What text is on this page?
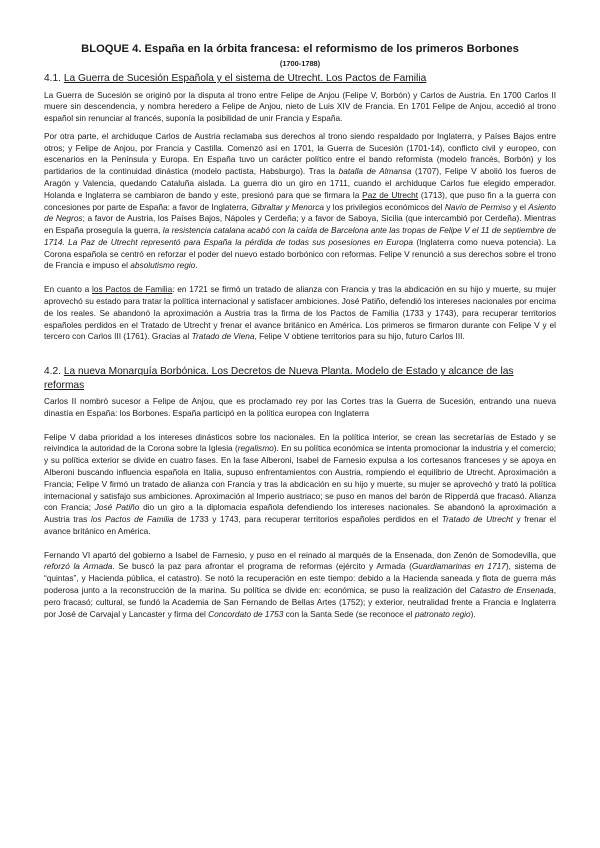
BLOQUE 4. España en la órbita francesa: el reformismo de los primeros Borbones
(1700-1788)
4.1. La Guerra de Sucesión Española y el sistema de Utrecht. Los Pactos de Familia

La Guerra de Sucesión se originó por la disputa al trono entre Felipe de Anjou (Felipe V, Borbón) y Carlos de Austria. En 1700 Carlos II muere sin descendencia, y nombra heredero a Felipe de Anjou, nieto de Luis XIV de Francia. En 1701 Felipe de Anjou, accedió al trono español sin renunciar al francés, suponía la posibilidad de unir Francia y España.

Por otra parte, el archiduque Carlos de Austria reclamaba sus derechos al trono siendo respaldado por Inglaterra, y Países Bajos entre otros; y Felipe de Anjou, por Francia y Castilla. Comenzó así en 1701, la Guerra de Sucesión (1701-14), conflicto civil y europeo, con escenarios en la Península y Europa. En España tuvo un carácter político entre el bando reformista (modelo francés, Borbón) y los partidarios de la continuidad dinástica (modelo pactista, Habsburgo). Tras la batalla de Almansa (1707), Felipe V abolió los fueros de Aragón y Valencia, quedando Cataluña aislada. La guerra dio un giro en 1711, cuando el archiduque Carlos fue elegido emperador. Holanda e Inglaterra se cambiaron de bando y este, presionó para que se firmara la Paz de Utrecht (1713), que puso fin a la guerra con concesiones por parte de España: a favor de Inglaterra, Gibraltar y Menorca y los privilegios económicos del Navío de Permiso y el Asiento de Negros; a favor de Austria, los Países Bajos, Nápoles y Cerdeña; y a favor de Saboya, Sicilia (que intercambió por Cerdeña). Mientras en España proseguía la guerra, la resistencia catalana acabó con la caída de Barcelona ante las tropas de Felipe V el 11 de septiembre de 1714. La Paz de Utrecht representó para España la pérdida de todas sus posesiones en Europa (Inglaterra como nueva potencia). La Corona española se centró en reforzar el poder del nuevo estado borbónico con reformas. Felipe V renunció a sus derechos sobre el trono de Francia e impuso el absolutismo regio.

En cuanto a los Pactos de Familia: en 1721 se firmó un tratado de alianza con Francia y tras la abdicación en su hijo y muerte, su mujer aprovechó su estado para tratar la política internacional y satisfacer ambiciones. José Patiño, defendió los intereses nacionales por encima de los reales. Se abandonó la aproximación a Austria tras la firma de los Pactos de Familia (1733 y 1743), para recuperar territorios españoles perdidos en el Tratado de Utrecht y frenar el avance británico en América. Los primeros se firmaron durante con Felipe V y el tercero con Carlos III (1761). Gracias al Tratado de Viena, Felipe V obtiene territorios para su hijo, futuro Carlos III.

4.2. La nueva Monarquía Borbónica. Los Decretos de Nueva Planta. Modelo de Estado y alcance de las reformas

Carlos II nombró sucesor a Felipe de Anjou, que es proclamado rey por las Cortes tras la Guerra de Sucesión, entrando una nueva dinastía en España: los Borbones. España participó en la política europea con Inglaterra

Felipe V daba prioridad a los intereses dinásticos sobre los nacionales. En la política interior, se crean las secretarías de Estado y se reivindica la autoridad de la Corona sobre la Iglesia (regalismo). En su política económica se intenta promocionar la industria y el comercio; y su política exterior se divide en cuatro fases. En la fase Alberoni, Isabel de Farnesio expulsa a los cortesanos franceses y se apoya en Alberoni buscando influencia española en Italia, supuso enfrentamientos con Austria, rompiendo el equilibrio de Utrecht. Aproximación a Francia; Felipe V firmó un tratado de alianza con Francia y tras la abdicación en su hijo y muerte, su mujer se aprovechó y trató la política internacional y satisfajo sus ambiciones. Aproximación al Imperio austriaco; se puso en manos del barón de Ripperdá que fracasó. Alianza con Francia; José Patiño dio un giro a la diplomacia española defendiendo los intereses nacionales. Se abandonó la aproximación a Austria tras los Pactos de Familia de 1733 y 1743, para recuperar territorios españoles perdidos en el Tratado de Utrecht y frenar el avance británico en América.

Fernando VI apartó del gobierno a Isabel de Farnesio, y puso en el reinado al marqués de la Ensenada, don Zenón de Somodevilla, que reforzó la Armada. Se buscó la paz para afrontar el programa de reformas (ejército y Armada (Guardiamarinas en 1717), sistema de “quintas”, y Hacienda pública, el catastro). Se notó la recuperación en este tiempo: debido a la Hacienda saneada y flota de guerra más poderosa junto a la reconstrucción de la marina. Su política se divide en: económica, se puso la realización del Catastro de Ensenada, pero fracasó; cultural, se fundó la Academia de San Fernando de Bellas Artes (1752); y exterior, neutralidad frente a Francia e Inglaterra por José de Carvajal y Lancaster y firma del Concordato de 1753 con la Santa Sede (se reconoce el patronato regio).
